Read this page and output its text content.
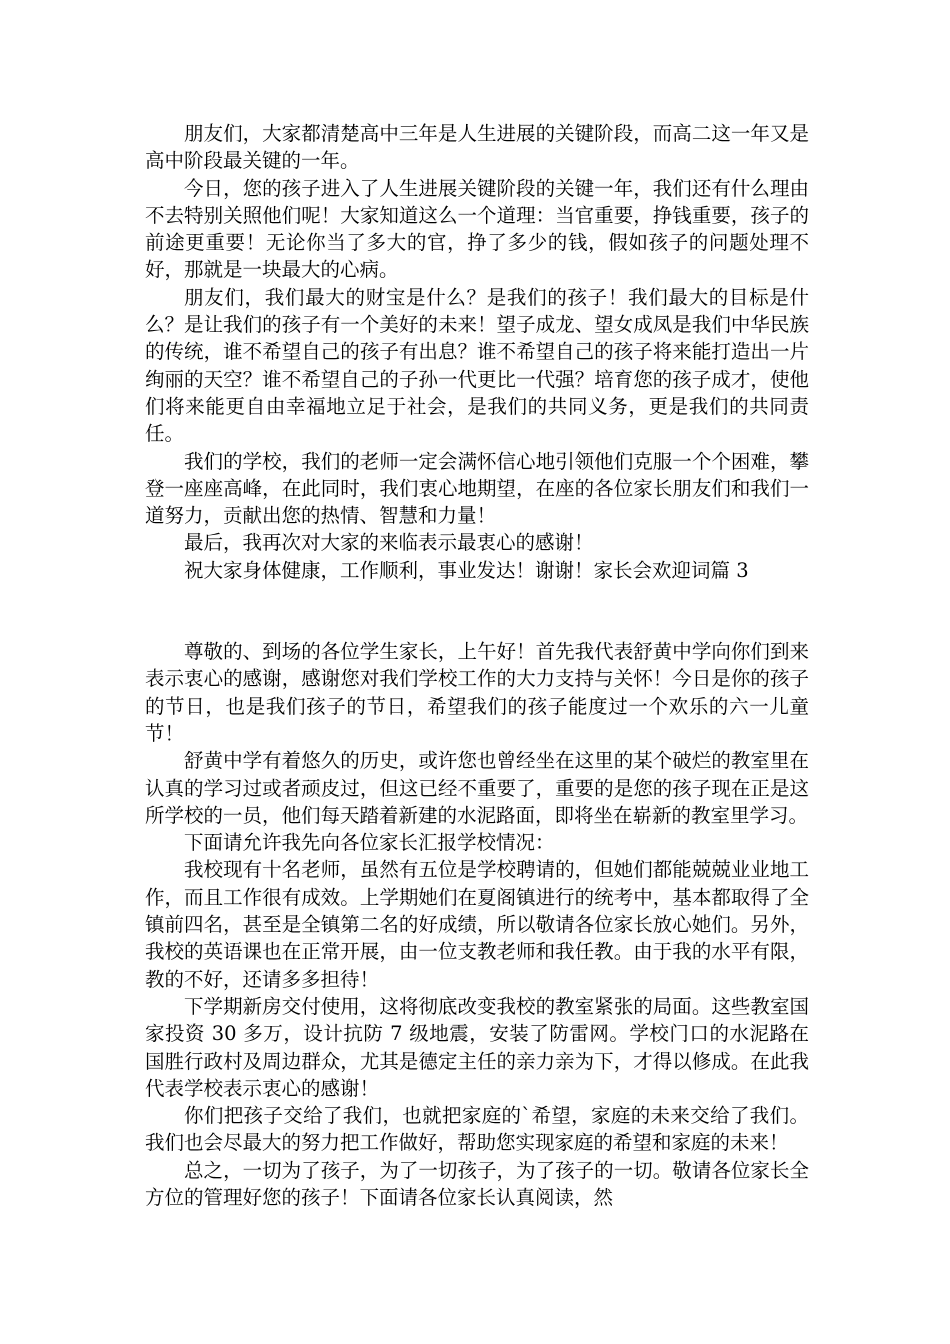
朋友们，大家都清楚高中三年是人生进展的关键阶段，而高二这一年又是高中阶段最关键的一年。

今日，您的孩子进入了人生进展关键阶段的关键一年，我们还有什么理由不去特别关照他们呢！大家知道这么一个道理：当官重要，挣钱重要，孩子的前途更重要！无论你当了多大的官，挣了多少的钱，假如孩子的问题处理不好，那就是一块最大的心病。

朋友们，我们最大的财宝是什么？是我们的孩子！我们最大的目标是什么？是让我们的孩子有一个美好的未来！望子成龙、望女成凤是我们中华民族的传统，谁不希望自己的孩子有出息？谁不希望自己的孩子将来能打造出一片绚丽的天空？谁不希望自己的子孙一代更比一代强？培育您的孩子成才，使他们将来能更自由幸福地立足于社会，是我们的共同义务，更是我们的共同责任。

我们的学校，我们的老师一定会满怀信心地引领他们克服一个个困难，攀登一座座高峰，在此同时，我们衷心地期望，在座的各位家长朋友们和我们一道努力，贡献出您的热情、智慧和力量！

最后，我再次对大家的来临表示最衷心的感谢！

祝大家身体健康，工作顺利，事业发达！谢谢！家长会欢迎词篇 3

尊敬的、到场的各位学生家长，上午好！首先我代表舒黄中学向你们到来表示衷心的感谢，感谢您对我们学校工作的大力支持与关怀！今日是你的孩子的节日，也是我们孩子的节日，希望我们的孩子能度过一个欢乐的六一儿童节！

舒黄中学有着悠久的历史，或许您也曾经坐在这里的某个破烂的教室里在认真的学习过或者顽皮过，但这已经不重要了，重要的是您的孩子现在正是这所学校的一员，他们每天踏着新建的水泥路面，即将坐在崭新的教室里学习。

下面请允许我先向各位家长汇报学校情况：

我校现有十名老师，虽然有五位是学校聘请的，但她们都能兢兢业业地工作，而且工作很有成效。上学期她们在夏阁镇进行的统考中，基本都取得了全镇前四名，甚至是全镇第二名的好成绩，所以敬请各位家长放心她们。另外，我校的英语课也在正常开展，由一位支教老师和我任教。由于我的水平有限，教的不好，还请多多担待！

下学期新房交付使用，这将彻底改变我校的教室紧张的局面。这些教室国家投资 30 多万，设计抗防 7 级地震，安装了防雷网。学校门口的水泥路在国胜行政村及周边群众，尤其是德定主任的亲力亲为下，才得以修成。在此我代表学校表示衷心的感谢！

你们把孩子交给了我们，也就把家庭的`希望，家庭的未来交给了我们。我们也会尽最大的努力把工作做好，帮助您实现家庭的希望和家庭的未来！

总之，一切为了孩子，为了一切孩子，为了孩子的一切。敬请各位家长全方位的管理好您的孩子！下面请各位家长认真阅读，然
